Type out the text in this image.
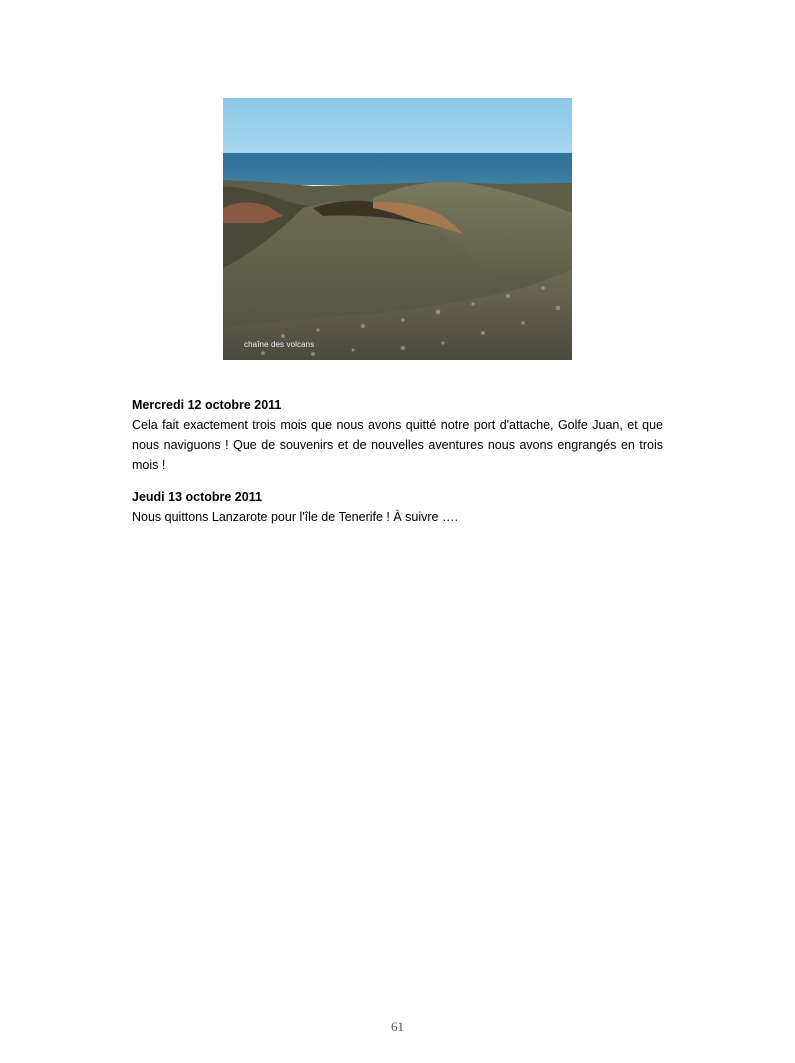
chaîne des volcans
Mercredi 12 octobre 2011
Cela fait exactement trois mois que nous avons quitté notre port d'attache, Golfe Juan, et que nous naviguons ! Que de souvenirs et de nouvelles aventures nous avons engrangés en trois mois !
Jeudi 13 octobre 2011
Nous quittons Lanzarote pour l'île de Tenerife ! À suivre ….
61
